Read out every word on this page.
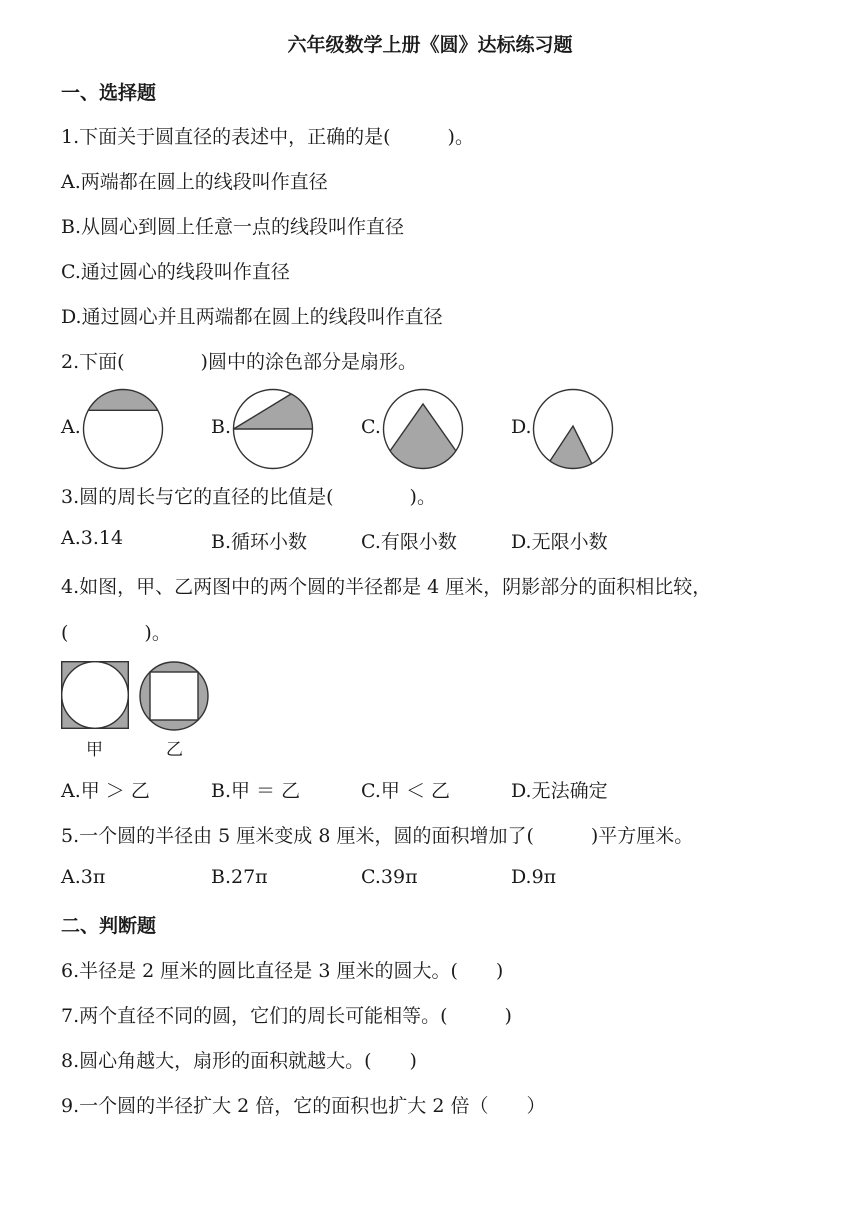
六年级数学上册《圆》达标练习题
一、选择题
1.下面关于圆直径的表述中，正确的是(　　　)。
A.两端都在圆上的线段叫作直径
B.从圆心到圆上任意一点的线段叫作直径
C.通过圆心的线段叫作直径
D.通过圆心并且两端都在圆上的线段叫作直径
2.下面(　　　　)圆中的涂色部分是扇形。
A.	B.	C.	D.
3.圆的周长与它的直径的比值是(　　　　)。
A.3.14	B.循环小数	C.有限小数	D.无限小数
4.如图，甲、乙两图中的两个圆的半径都是 4 厘米，阴影部分的面积相比较，
(　　　　)。
甲	乙
A.甲 ＞ 乙	B.甲 ＝ 乙	C.甲 ＜ 乙	D.无法确定
5.一个圆的半径由 5 厘米变成 8 厘米，圆的面积增加了(　　　)平方厘米。
A.3π	B.27π	C.39π	D.9π
二、判断题
6.半径是 2 厘米的圆比直径是 3 厘米的圆大。(　　)
7.两个直径不同的圆，它们的周长可能相等。(　　　)
8.圆心角越大，扇形的面积就越大。(　　)
9.一个圆的半径扩大 2 倍，它的面积也扩大 2 倍（　　）
